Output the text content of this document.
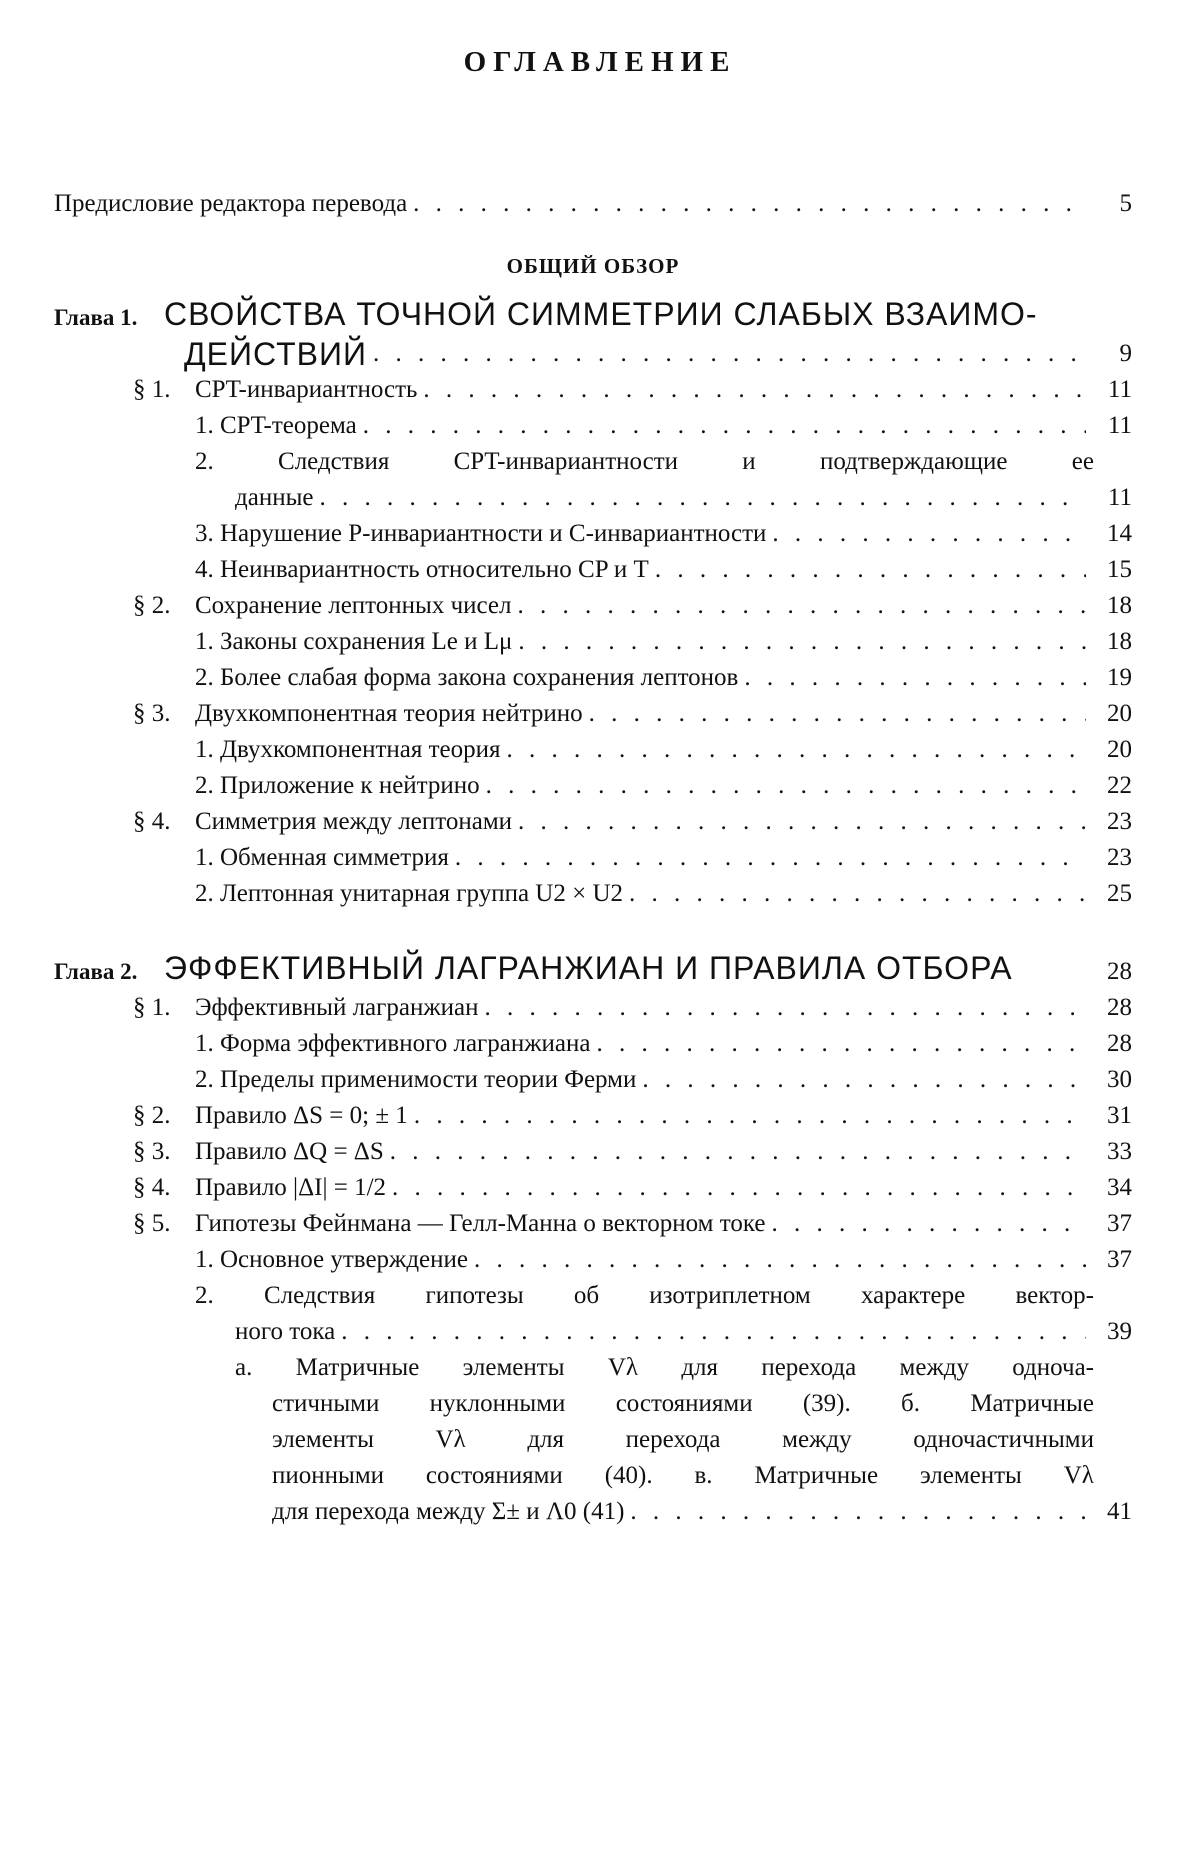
ОГЛАВЛЕНИЕ
Предисловие редактора перевода . . .	5
ОБЩИЙ ОБЗОР
Глава 1. СВОЙСТВА ТОЧНОЙ СИММЕТРИИ СЛАБЫХ ВЗАИМО-
ДЕЙСТВИЙ . . .	9
§ 1. CPT-инвариантность . . .	11
1. CPT-теорема . . .	11
2.	Следствия	CPT-инвариантности	и	подтверждающие	ее
данные . . .	11
3. Нарушение P-инвариантности и C-инвариантности . . .	14
4. Неинвариантность относительно CP и T . . .	15
§ 2. Сохранение лептонных чисел . . .	18
1. Законы сохранения Le и Lμ . . .	18
2. Более слабая форма закона сохранения лептонов . . .	19
§ 3. Двухкомпонентная теория нейтрино . . .	20
1. Двухкомпонентная теория . . .	20
2. Приложение к нейтрино . . .	22
§ 4. Симметрия между лептонами . . .	23
1. Обменная симметрия . . .	23
2. Лептонная унитарная группа U2 × U2 . . .	25
Глава 2. ЭФФЕКТИВНЫЙ ЛАГРАНЖИАН И ПРАВИЛА ОТБОРА	28
§ 1. Эффективный лагранжиан . . .	28
1. Форма эффективного лагранжиана . . .	28
2. Пределы применимости теории Ферми . . .	30
§ 2. Правило ΔS = 0; ± 1 . . .	31
§ 3. Правило ΔQ = ΔS . . .	33
§ 4. Правило |ΔI| = 1/2 . . .	34
§ 5. Гипотезы Фейнмана — Гелл-Манна о векторном токе . . .	37
1. Основное утверждение . . .	37
2. Следствия гипотезы об изотриплетном характере вектор-
ного тока . . .	39
а. Матричные элементы Vλ для перехода между одноча-
стичными нуклонными состояниями (39). б. Матричные
элементы Vλ для перехода между одночастичными
пионными состояниями (40). в. Матричные элементы Vλ
для перехода между Σ± и Λ0 (41) . . .	41
